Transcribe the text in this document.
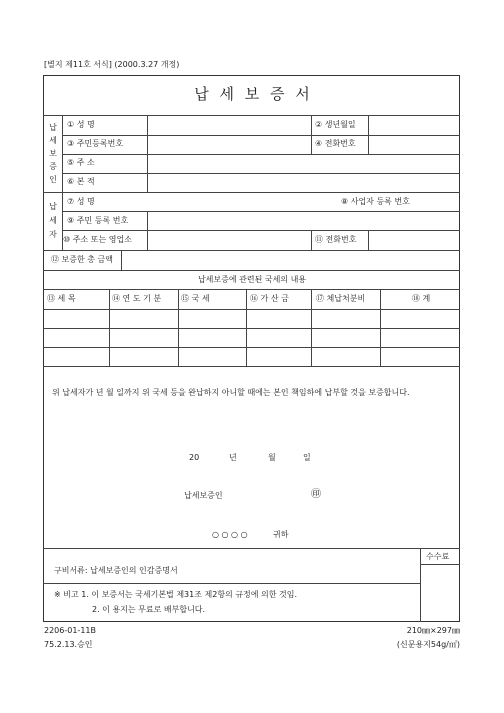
[별지 제11호 서식] (2000.3.27 개정)
납 세 보 증 서
납
세
보
증
인
① 성 명	② 생년월일
③ 주민등록번호	④ 전화번호
⑤ 주 소
⑥ 본 적
납
세
자
⑦ 성 명	⑧ 사업자 등록 번호
⑨ 주민 등록 번호
⑩ 주소 또는 영업소	⑪ 전화번호
⑫ 보증한 총 금액
납세보증에 관련된 국세의 내용
⑬ 세 목	⑭ 연 도 기 분 ⑮ 국 세	⑯ 가 산 금	⑰ 체납처분비	⑱ 계
위 납세자가 년 월 일까지 위 국세 등을 완납하지 아니할 때에는 본인 책임하에 납부할 것을 보증합니다.
20	년	월	일
납세보증인	㊞
○ ○ ○ ○	귀하
수수료
구비서류: 납세보증인의 인감증명서
※ 비고 1. 이 보증서는 국세기본법 제31조 제2항의 규정에 의한 것임.
2. 이 용지는 무료로 배부합니다.
2206-01-11B
75.2.13.승인
210㎜×297㎜
(신문용지54g/㎡)
